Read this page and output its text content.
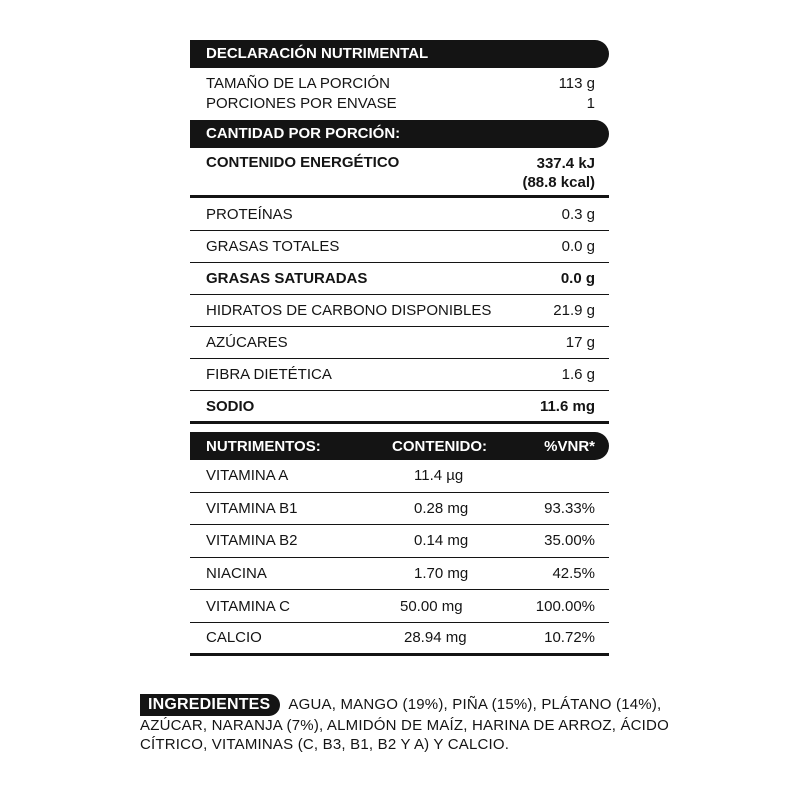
DECLARACIÓN NUTRIMENTAL
TAMAÑO DE LA PORCIÓN	113 g
PORCIONES POR ENVASE	1
CANTIDAD POR PORCIÓN:
CONTENIDO ENERGÉTICO	337.4 kJ
(88.8 kcal)
PROTEÍNAS	0.3 g
GRASAS TOTALES	0.0 g
GRASAS SATURADAS	0.0 g
HIDRATOS DE CARBONO DISPONIBLES	21.9 g
AZÚCARES	17 g
FIBRA DIETÉTICA	1.6 g
SODIO	11.6 mg
NUTRIMENTOS:	CONTENIDO:	%VNR*
VITAMINA A	11.4 µg
VITAMINA B1	0.28 mg	93.33%
VITAMINA B2	0.14 mg	35.00%
NIACINA	1.70 mg	42.5%
VITAMINA C	50.00 mg	100.00%
CALCIO	28.94 mg	10.72%
INGREDIENTES AGUA, MANGO (19%), PIÑA (15%), PLÁTANO (14%), AZÚCAR, NARANJA (7%), ALMIDÓN DE MAÍZ, HARINA DE ARROZ, ÁCIDO CÍTRICO, VITAMINAS (C, B3, B1, B2 Y A) Y CALCIO.
